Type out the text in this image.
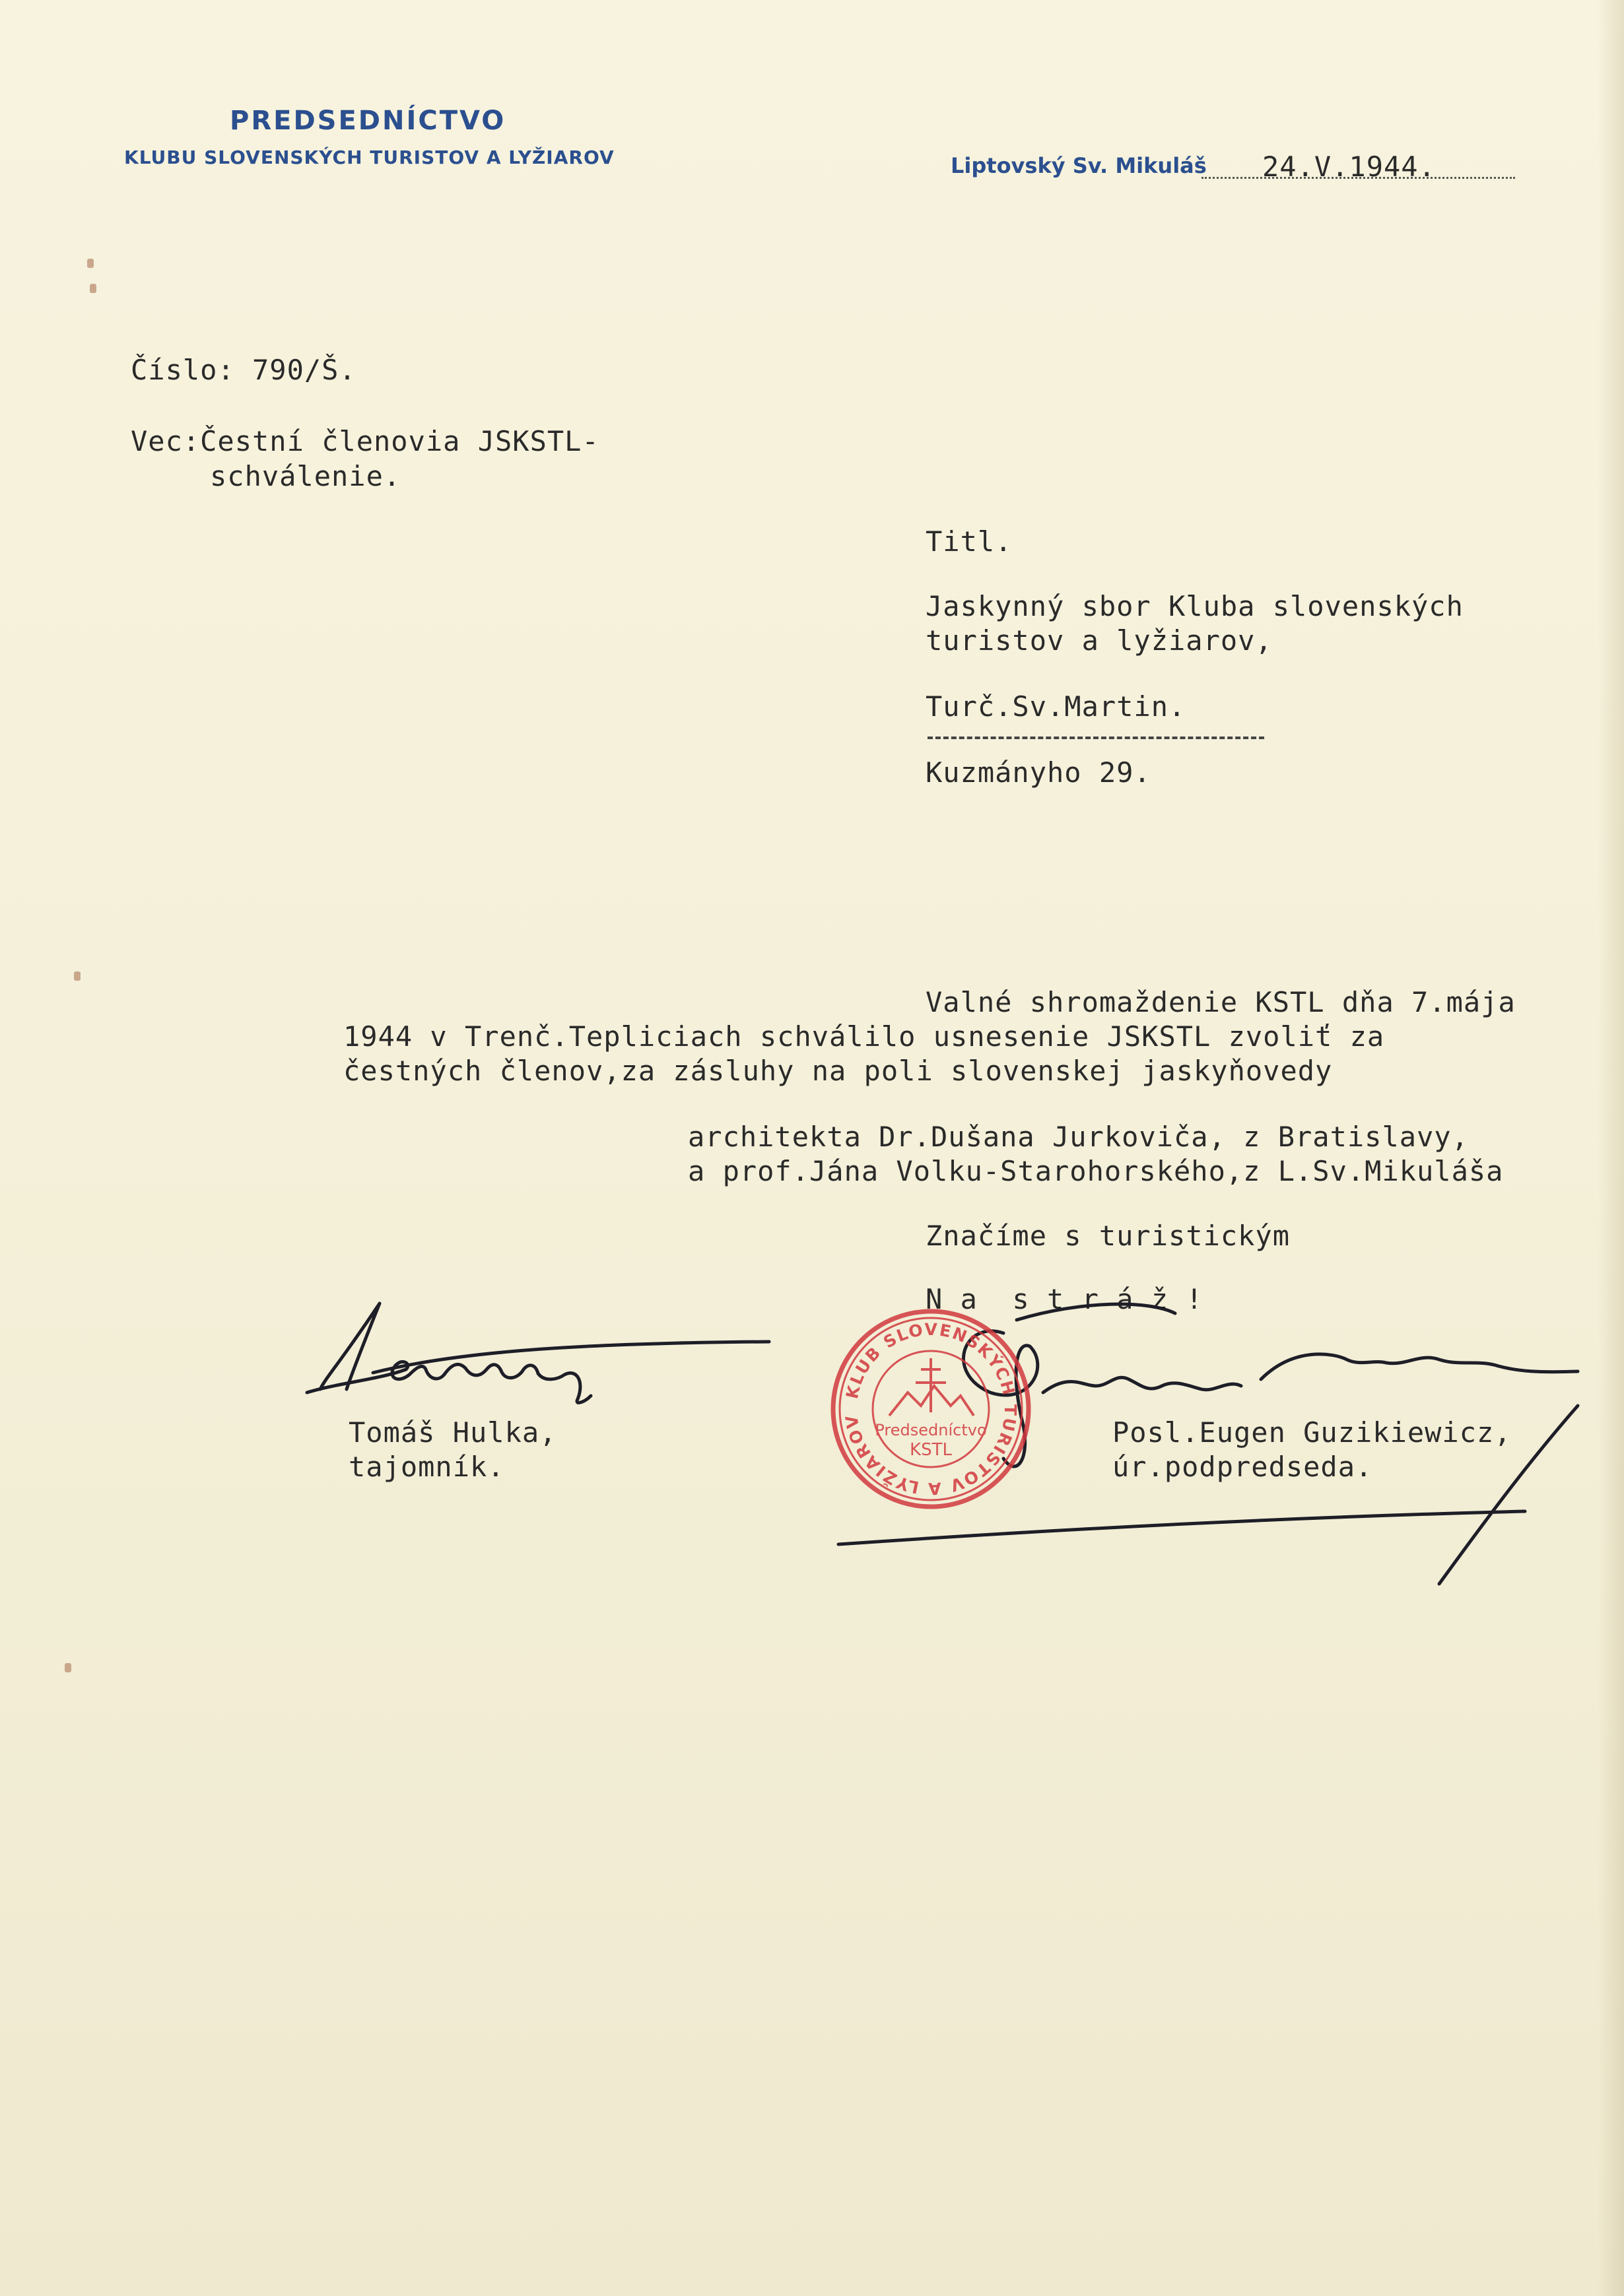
PREDSEDNÍCTVO
KLUBU SLOVENSKÝCH TURISTOV A LYŽIAROV	Liptovský Sv. Mikuláš 24.V.1944.
Číslo: 790/Š.
Vec:Čestní členovia JSKSTL-
schválenie.
Titl.
Jaskynný sbor Kluba slovenských
turistov a lyžiarov,
Turč.Sv.Martin.
Kuzmányho 29.
Valné shromaždenie KSTL dňa 7.mája
1944 v Trenč.Tepliciach schválilo usnesenie JSKSTL zvoliť za
čestných členov,za zásluhy na poli slovenskej jaskyňovedy
architekta Dr.Dušana Jurkoviča, z Bratislavy,
a prof.Jána Volku-Starohorského,z L.Sv.Mikuláša
Značíme s turistickým
N a  s t r á ž !
Tomáš Hulka,
tajomník.
Posl.Eugen Guzikiewicz,
úr.podpredseda.
KLUB SLOVENSKÝCH TURISTOV A LYŽIAROV Predsedníctvo
KSTL
